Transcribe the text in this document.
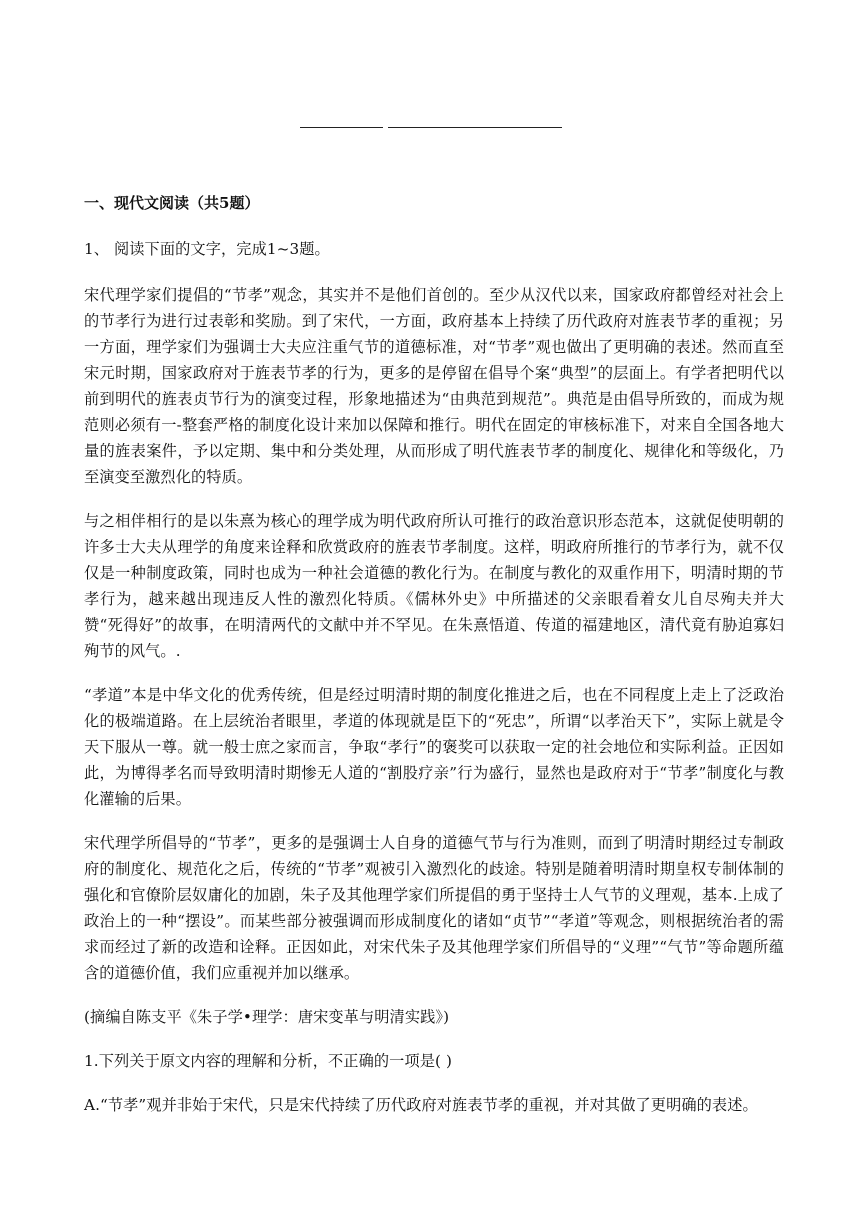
一、现代文阅读（共5题）

1、 阅读下面的文字，完成1~3题。

宋代理学家们提倡的“节孝”观念，其实并不是他们首创的。至少从汉代以来，国家政府都曾经对社会上的节孝行为进行过表彰和奖励。到了宋代，一方面，政府基本上持续了历代政府对旌表节孝的重视；另一方面，理学家们为强调士大夫应注重气节的道德标准，对“节孝”观也做出了更明确的表述。然而直至宋元时期，国家政府对于旌表节孝的行为，更多的是停留在倡导个案“典型”的层面上。有学者把明代以前到明代的旌表贞节行为的演变过程，形象地描述为“由典范到规范”。典范是由倡导所致的，而成为规范则必须有一-整套严格的制度化设计来加以保障和推行。明代在固定的审核标准下，对来自全国各地大量的旌表案件，予以定期、集中和分类处理，从而形成了明代旌表节孝的制度化、规律化和等级化，乃至演变至激烈化的特质。

与之相伴相行的是以朱熹为核心的理学成为明代政府所认可推行的政治意识形态范本，这就促使明朝的许多士大夫从理学的角度来诠释和欣赏政府的旌表节孝制度。这样，明政府所推行的节孝行为，就不仅仅是一种制度政策，同时也成为一种社会道德的教化行为。在制度与教化的双重作用下，明清时期的节孝行为，越来越出现违反人性的激烈化特质。《儒林外史》中所描述的父亲眼看着女儿自尽殉夫并大赞“死得好”的故事，在明清两代的文献中并不罕见。在朱熹悟道、传道的福建地区，清代竟有胁迫寡妇殉节的风气。.

“孝道”本是中华文化的优秀传统，但是经过明清时期的制度化推进之后，也在不同程度上走上了泛政治化的极端道路。在上层统治者眼里，孝道的体现就是臣下的“死忠”，所谓“以孝治天下”，实际上就是令天下服从一尊。就一般士庶之家而言，争取“孝行”的褒奖可以获取一定的社会地位和实际利益。正因如此，为博得孝名而导致明清时期惨无人道的“割股疗亲”行为盛行，显然也是政府对于“节孝”制度化与教化灌输的后果。

宋代理学所倡导的“节孝”，更多的是强调士人自身的道德气节与行为准则，而到了明清时期经过专制政府的制度化、规范化之后，传统的“节孝”观被引入激烈化的歧途。特别是随着明清时期皇权专制体制的强化和官僚阶层奴庸化的加剧，朱子及其他理学家们所提倡的勇于坚持士人气节的义理观，基本.上成了政治上的一种“摆设”。而某些部分被强调而形成制度化的诸如“贞节”“孝道”等观念，则根据统治者的需求而经过了新的改造和诠释。正因如此，对宋代朱子及其他理学家们所倡导的“义理”“气节”等命题所蕴含的道德价值，我们应重视并加以继承。

(摘编自陈支平《朱子学•理学：唐宋变革与明清实践》)

1.下列关于原文内容的理解和分析，不正确的一项是( )

A.“节孝”观并非始于宋代，只是宋代持续了历代政府对旌表节孝的重视，并对其做了更明确的表述。
